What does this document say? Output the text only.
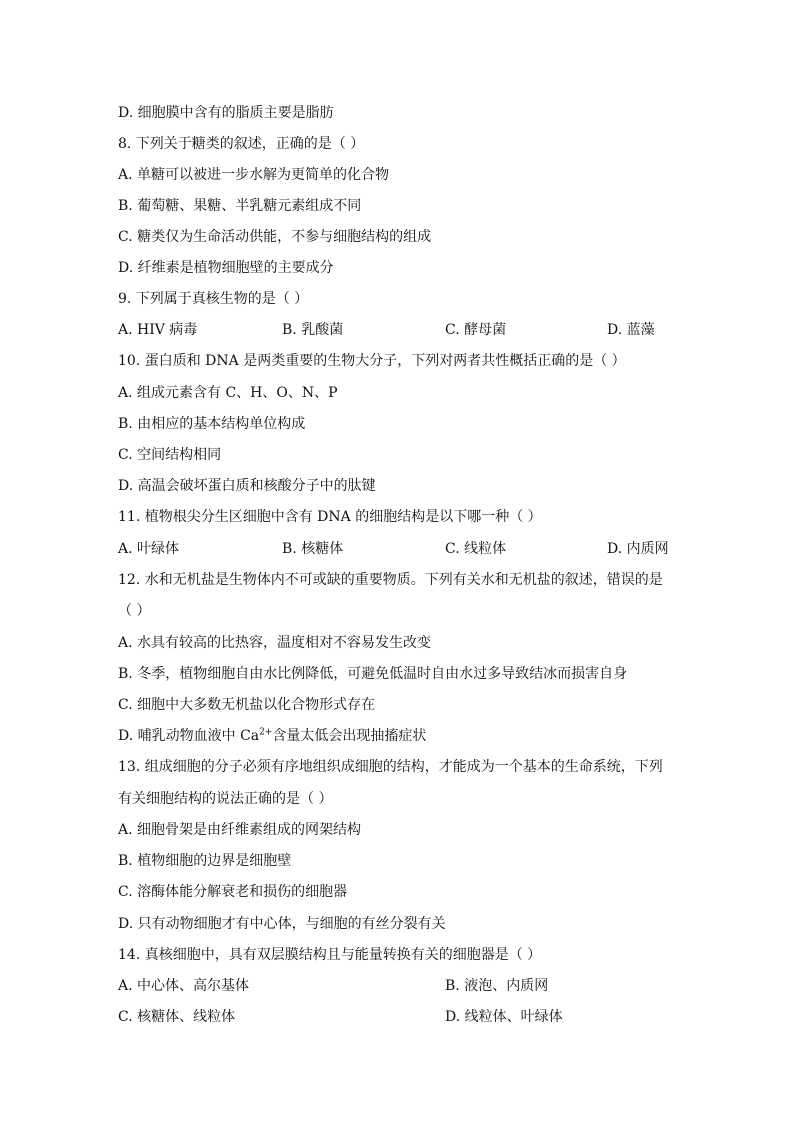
D. 细胞膜中含有的脂质主要是脂肪
8. 下列关于糖类的叙述，正确的是（ ）
A. 单糖可以被进一步水解为更简单的化合物
B. 葡萄糖、果糖、半乳糖元素组成不同
C. 糖类仅为生命活动供能，不参与细胞结构的组成
D. 纤维素是植物细胞壁的主要成分
9. 下列属于真核生物的是（ ）
A. HIV 病毒	B. 乳酸菌	C. 酵母菌	D. 蓝藻
10. 蛋白质和 DNA 是两类重要的生物大分子，下列对两者共性概括正确的是（ ）
A. 组成元素含有 C、H、O、N、P
B. 由相应的基本结构单位构成
C. 空间结构相同
D. 高温会破坏蛋白质和核酸分子中的肽键
11. 植物根尖分生区细胞中含有 DNA 的细胞结构是以下哪一种（ ）
A. 叶绿体	B. 核糖体	C. 线粒体	D. 内质网
12. 水和无机盐是生物体内不可或缺的重要物质。下列有关水和无机盐的叙述，错误的是
（ ）
A. 水具有较高的比热容，温度相对不容易发生改变
B. 冬季，植物细胞自由水比例降低，可避免低温时自由水过多导致结冰而损害自身
C. 细胞中大多数无机盐以化合物形式存在
D. 哺乳动物血液中 $Ca^{2+}$含量太低会出现抽搐症状
13. 组成细胞的分子必须有序地组织成细胞的结构，才能成为一个基本的生命系统，下列
有关细胞结构的说法正确的是（ ）
A. 细胞骨架是由纤维素组成的网架结构
B. 植物细胞的边界是细胞壁
C. 溶酶体能分解衰老和损伤的细胞器
D. 只有动物细胞才有中心体，与细胞的有丝分裂有关
14. 真核细胞中，具有双层膜结构且与能量转换有关的细胞器是（ ）
A. 中心体、高尔基体	B. 液泡、内质网
C. 核糖体、线粒体	D. 线粒体、叶绿体
